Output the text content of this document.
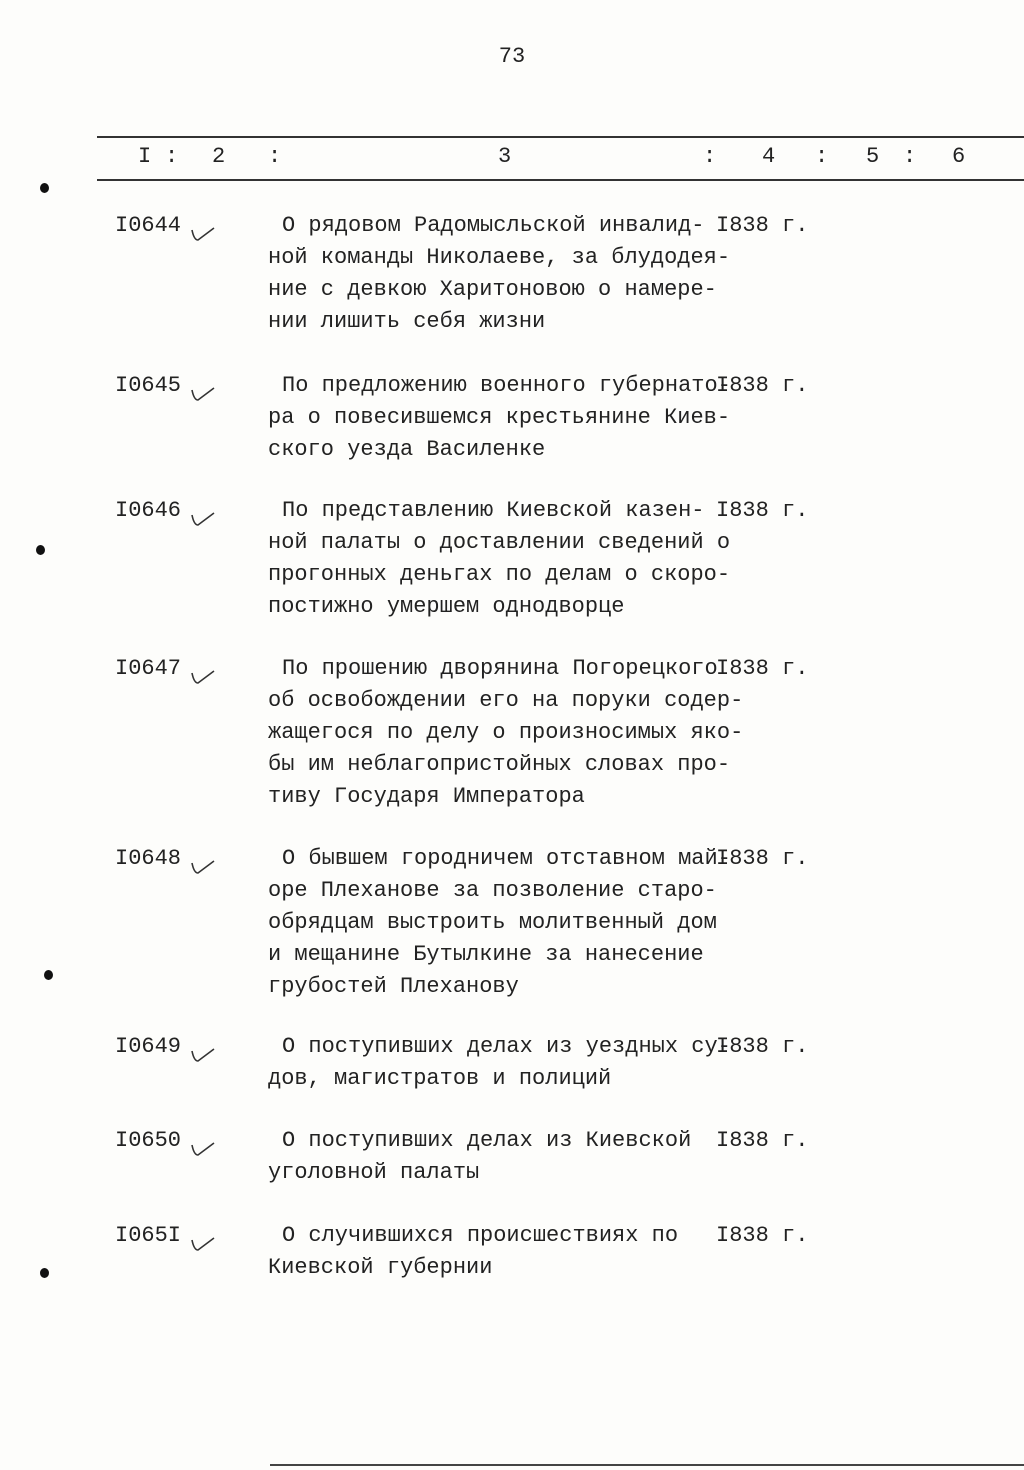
73
I : 2 :	3	: 4 : 5 : 6
I0644	О рядовом Радомысльской инвалид-
ной команды Николаеве, за блудодея-
ние с девкою Харитоновою о намере-
нии лишить себя жизни
I838 г.
I0645	По предложению военного губернато-
ра о повесившемся крестьянине Киев-
ского уезда Василенке
I838 г.
I0646	По представлению Киевской казен-
ной палаты о доставлении сведений о
прогонных деньгах по делам о скоро-
постижно умершем однодворце
I838 г.
I0647	По прошению дворянина Погорецкого
об освобождении его на поруки содер-
жащегося по делу о произносимых яко-
бы им неблагопристойных словах про-
тиву Государя Императора
I838 г.
I0648	О бывшем городничем отставном май-
оре Плеханове за позволение старо-
обрядцам выстроить молитвенный дом
и мещанине Бутылкине за нанесение
грубостей Плеханову
I838 г.
I0649	О поступивших делах из уездных су-
дов, магистратов и полиций
I838 г.
I0650	О поступивших делах из Киевской
уголовной палаты
I838 г.
I065I	О случившихся происшествиях по
Киевской губернии
I838 г.
